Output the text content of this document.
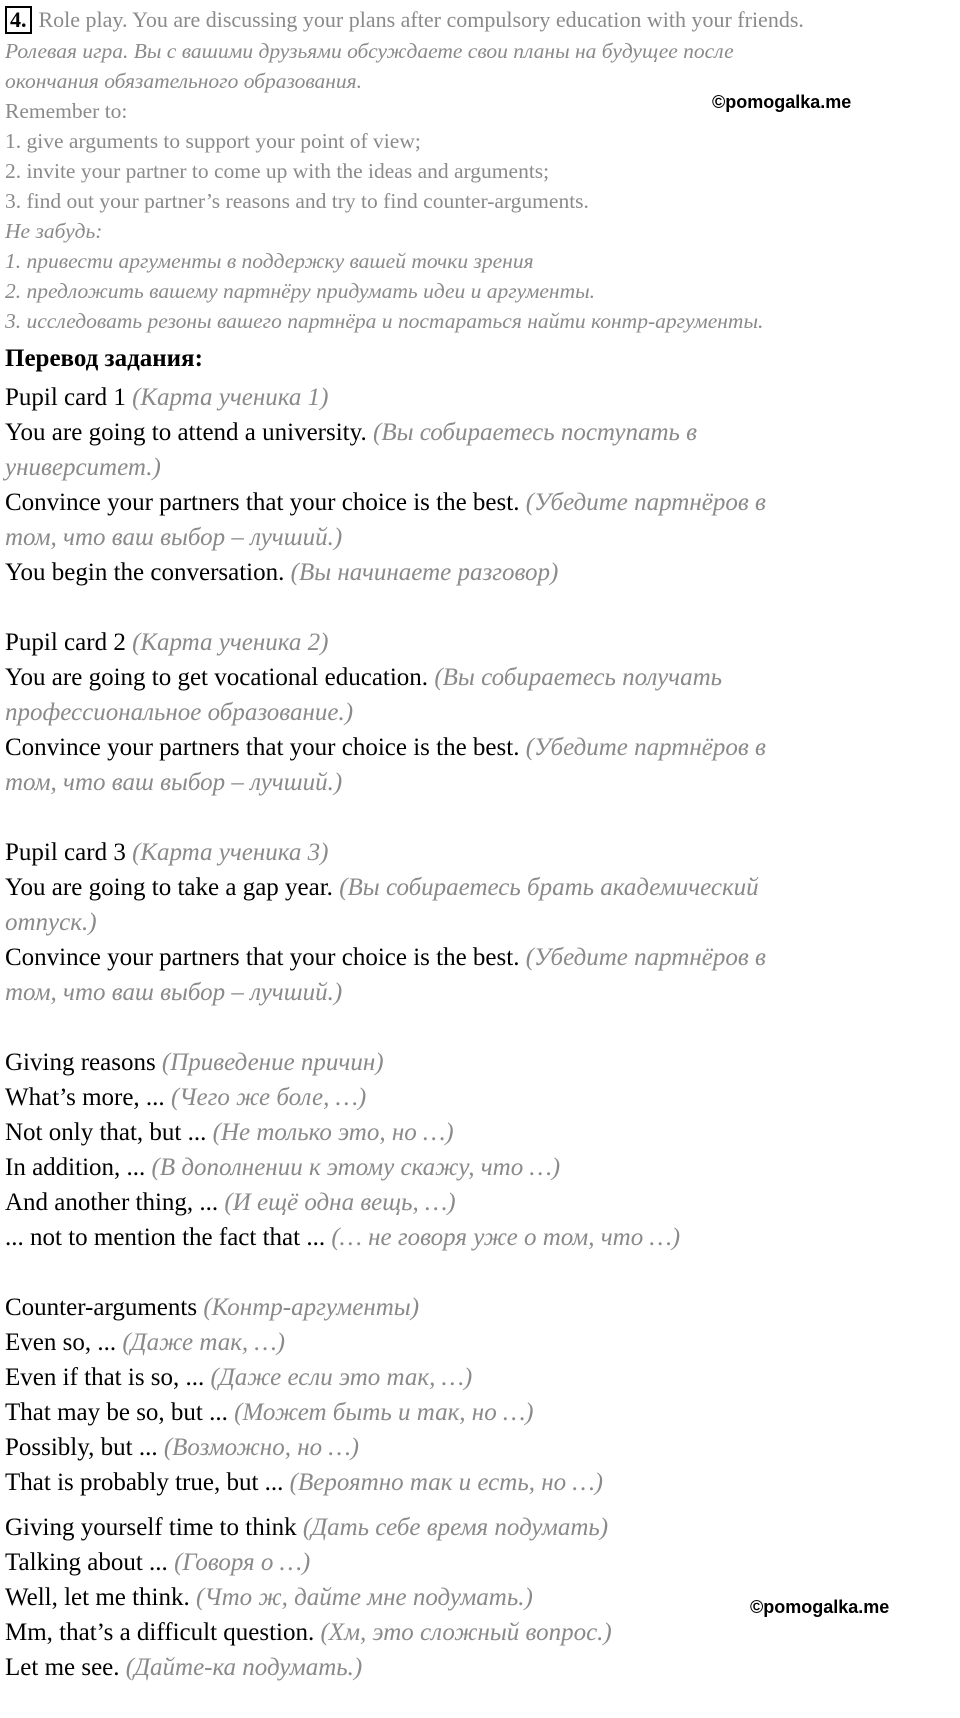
4. Role play. You are discussing your plans after compulsory education with your friends.
Ролевая игра. Вы с вашими друзьями обсуждаете свои планы на будущее после
окончания обязательного образования.
Remember to:
1. give arguments to support your point of view;
2. invite your partner to come up with the ideas and arguments;
3. find out your partner’s reasons and try to find counter-arguments.
Не забудь:
1. привести аргументы в поддержку вашей точки зрения
2. предложить вашему партнёру придумать идеи и аргументы.
3. исследовать резоны вашего партнёра и постараться найти контр-аргументы.
Перевод задания:
Pupil card 1 (Карта ученика 1)
You are going to attend a university. (Вы собираетесь поступать в
университет.)
Convince your partners that your choice is the best. (Убедите партнёров в
том, что ваш выбор – лучший.)
You begin the conversation. (Вы начинаете разговор)
Pupil card 2 (Карта ученика 2)
You are going to get vocational education. (Вы собираетесь получать
профессиональное образование.)
Convince your partners that your choice is the best. (Убедите партнёров в
том, что ваш выбор – лучший.)
Pupil card 3 (Карта ученика 3)
You are going to take a gap year. (Вы собираетесь брать академический
отпуск.)
Convince your partners that your choice is the best. (Убедите партнёров в
том, что ваш выбор – лучший.)
Giving reasons (Приведение причин)
What’s more, ... (Чего же боле, …)
Not only that, but ... (Не только это, но …)
In addition, ... (В дополнении к этому скажу, что …)
And another thing, ... (И ещё одна вещь, …)
... not to mention the fact that ... (… не говоря уже о том, что …)
Counter-arguments (Контр-аргументы)
Even so, ... (Даже так, …)
Even if that is so, ... (Даже если это так, …)
That may be so, but ... (Может быть и так, но …)
Possibly, but ... (Возможно, но …)
That is probably true, but ... (Вероятно так и есть, но …)
Giving yourself time to think (Дать себе время подумать)
Talking about ... (Говоря о …)
Well, let me think. (Что ж, дайте мне подумать.)
Mm, that’s a difficult question. (Хм, это сложный вопрос.)
Let me see. (Дайте-ка подумать.)
©pomogalka.me
©pomogalka.me
